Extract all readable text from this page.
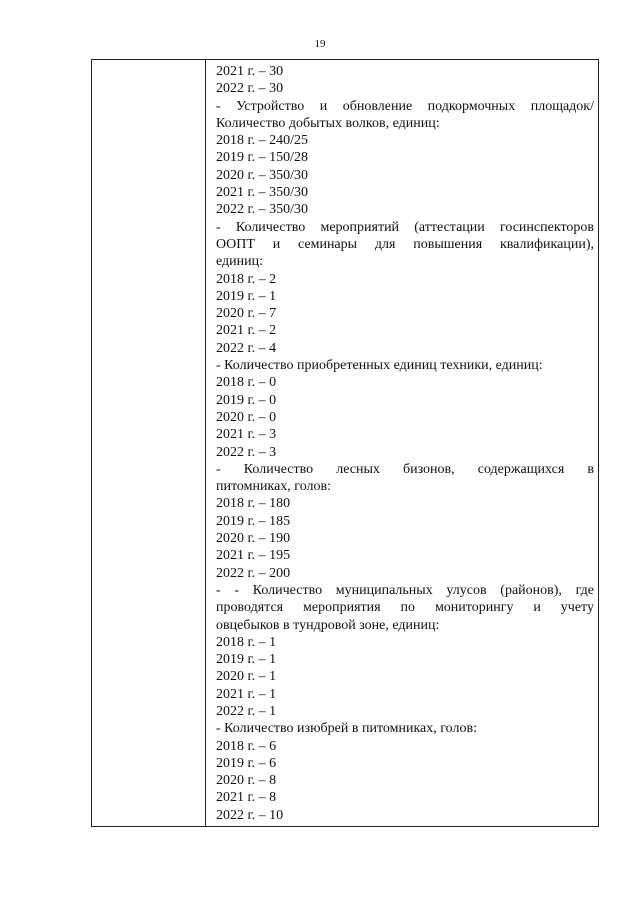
19
2021 г. – 30
2022 г. – 30
- Устройство и обновление подкормочных площадок/
Количество добытых волков, единиц:
2018 г. – 240/25
2019 г. – 150/28
2020 г. – 350/30
2021 г. – 350/30
2022 г. – 350/30
- Количество мероприятий (аттестации госинспекторов
ООПТ и семинары для повышения квалификации),
единиц:
2018 г. – 2
2019 г. – 1
2020 г. – 7
2021 г. – 2
2022 г. – 4
- Количество приобретенных единиц техники, единиц:
2018 г. – 0
2019 г. – 0
2020 г. – 0
2021 г. – 3
2022 г. – 3
- Количество лесных бизонов, содержащихся в
питомниках, голов:
2018 г. – 180
2019 г. – 185
2020 г. – 190
2021 г. – 195
2022 г. – 200
- - Количество муниципальных улусов (районов), где
проводятся мероприятия по мониторингу и учету
овцебыков в тундровой зоне, единиц:
2018 г. – 1
2019 г. – 1
2020 г. – 1
2021 г. – 1
2022 г. – 1
- Количество изюбрей в питомниках, голов:
2018 г. – 6
2019 г. – 6
2020 г. – 8
2021 г. – 8
2022 г. – 10
